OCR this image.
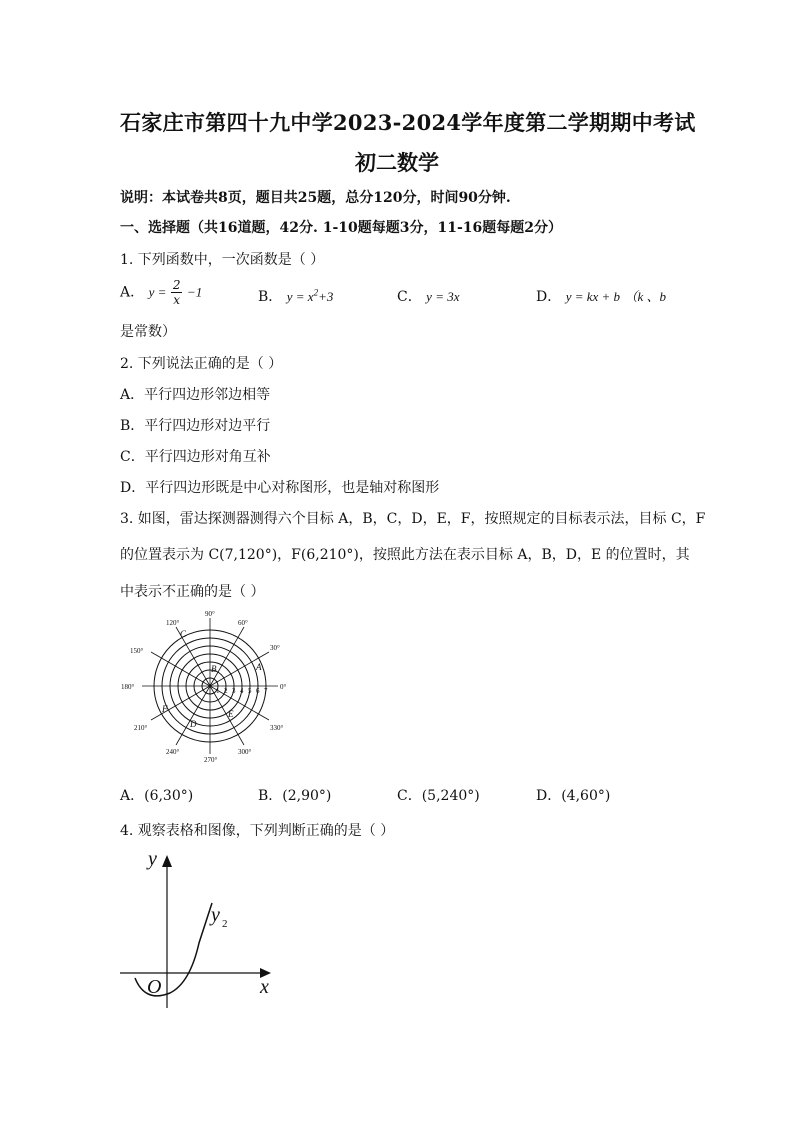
石家庄市第四十九中学2023-2024学年度第二学期期中考试
初二数学
说明：本试卷共8页，题目共25题，总分120分，时间90分钟.
一、选择题（共16道题，42分. 1-10题每题3分，11-16题每题2分）
1. 下列函数中，一次函数是（ ）
A． $y = \frac{2}{x} -1$	B． $y = x^2+3$	C． y = 3x	D． y = kx + b （k 、b
是常数）
2. 下列说法正确的是（ ）
A．平行四边形邻边相等
B．平行四边形对边平行
C．平行四边形对角互补
D．平行四边形既是中心对称图形，也是轴对称图形
3. 如图，雷达探测器测得六个目标 A，B，C，D，E，F，按照规定的目标表示法，目标 C，F
的位置表示为 C(7,120°)，F(6,210°)，按照此方法在表示目标 A，B，D，E 的位置时，其
中表示不正确的是（ ）
0°
30°
60°
90°
120°
150°
180°
210°
240°
270°
300°
330°
1 2 3 4 5 6 7
A
B
C
D
E
F
A．(6,30°)	B．(2,90°)	C．(5,240°)	D．(4,60°)
4. 观察表格和图像，下列判断正确的是（ ）
y
x
O
y 2
